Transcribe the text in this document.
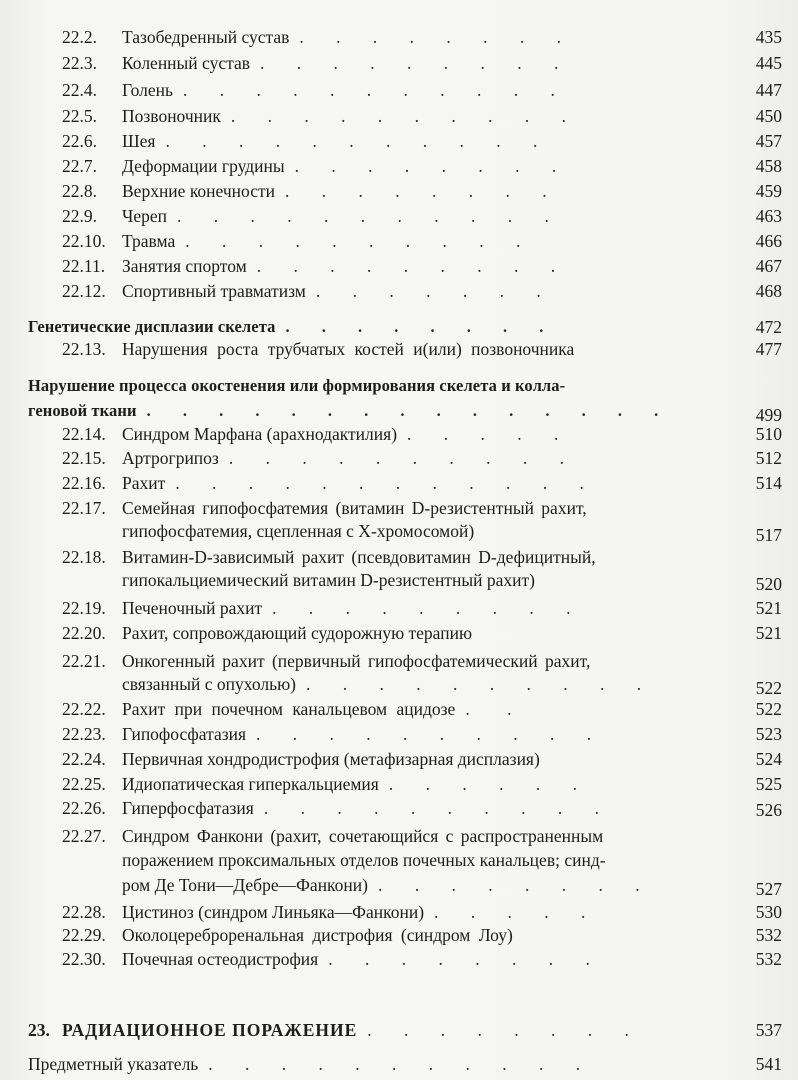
22.2. Тазобедренный сустав . . . . . . . .	435
22.3. Коленный сустав . . . . . . . . .	445
22.4. Голень . . . . . . . . . . .	447
22.5. Позвоночник . . . . . . . . . .	450
22.6. Шея . . . . . . . . . . .	457
22.7. Деформации грудины . . . . . . . .	458
22.8. Верхние конечности . . . . . . . .	459
22.9. Череп . . . . . . . . . . .	463
22.10. Травма . . . . . . . . . .	466
22.11. Занятия спортом . . . . . . . . .	467
22.12. Спортивный травматизм . . . . . . .	468
Генетические дисплазии скелета . . . . . . . .	472
22.13. Нарушения роста трубчатых костей и(или) позвоночника	477
Нарушение процесса окостенения или формирования скелета и колла-
геновой ткани . . . . . . . . . . . . . . .	499
22.14. Синдром Марфана (арахнодактилия) . . . . .	510
22.15. Артрогрипоз . . . . . . . . . .	512
22.16. Рахит . . . . . . . . . . . .	514
22.17. Семейная гипофосфатемия (витамин D-резистентный рахит,
гипофосфатемия, сцепленная с Х-хромосомой)	517
22.18. Витамин-D-зависимый рахит (псевдовитамин D-дефицитный,
гипокальциемический витамин D-резистентный рахит)	520
22.19. Печеночный рахит . . . . . . . . .	521
22.20. Рахит, сопровождающий судорожную терапию	521
22.21. Онкогенный рахит (первичный гипофосфатемический рахит,
связанный с опухолью) . . . . . . . . . .	522
22.22. Рахит при почечном канальцевом ацидозе . .	522
22.23. Гипофосфатазия . . . . . . . . . .	523
22.24. Первичная хондродистрофия (метафизарная дисплазия)	524
22.25. Идиопатическая гиперкальциемия . . . . . .	525
22.26. Гиперфосфатазия . . . . . . . . . .	526
22.27. Синдром Фанкони (рахит, сочетающийся с распространенным
поражением проксимальных отделов почечных канальцев; синд-
ром Де Тони—Дебре—Фанкони) . . . . . . . .	527
22.28. Цистиноз (синдром Линьяка—Фанкони) . . . . .	530
22.29. Околоцереброренальная дистрофия (синдром Лоу)	532
22.30. Почечная остеодистрофия . . . . . . . .	532
23. РАДИАЦИОННОЕ ПОРАЖЕНИЕ . . . . . . . .	537
Предметный указатель . . . . . . . . . . .	541
